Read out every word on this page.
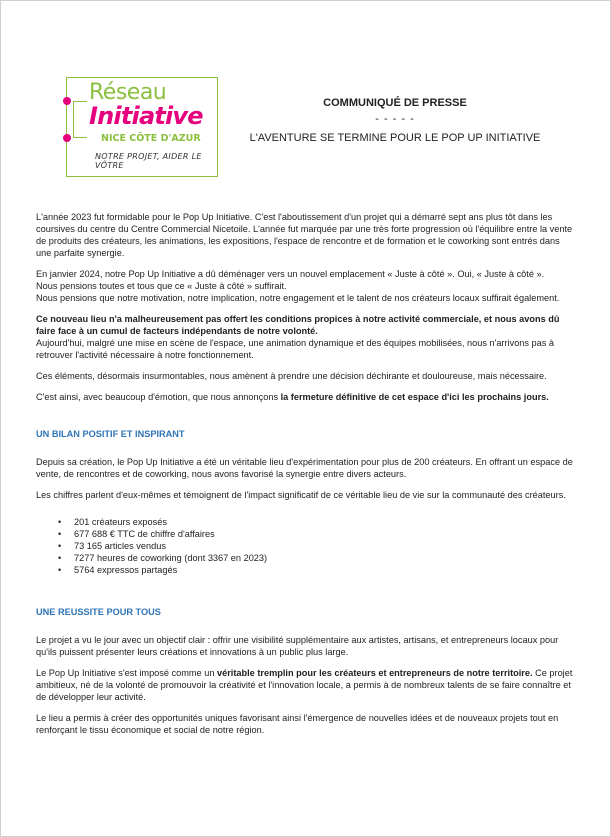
Réseau
Initiative
NICE CÔTE D'AZUR
NOTRE PROJET, AIDER LE VÔTRE
COMMUNIQUÉ DE PRESSE
- - - - -
L'AVENTURE SE TERMINE POUR LE POP UP INITIATIVE

L'année 2023 fut formidable pour le Pop Up Initiative. C'est l'aboutissement d'un projet qui a démarré sept ans plus tôt dans les coursives du centre du Centre Commercial Nicetoile. L'année fut marquée par une très forte progression où l'équilibre entre la vente de produits des créateurs, les animations, les expositions, l'espace de rencontre et de formation et le coworking sont entrés dans une parfaite synergie.

En janvier 2024, notre Pop Up Initiative a dû déménager vers un nouvel emplacement « Juste à côté ». Oui, « Juste à côté ».
Nous pensions toutes et tous que ce « Juste à côté » suffirait.
Nous pensions que notre motivation, notre implication, notre engagement et le talent de nos créateurs locaux suffirait également.

Ce nouveau lieu n'a malheureusement pas offert les conditions propices à notre activité commerciale, et nous avons dû faire face à un cumul de facteurs indépendants de notre volonté.
Aujourd'hui, malgré une mise en scène de l'espace, une animation dynamique et des équipes mobilisées, nous n'arrivons pas à retrouver l'activité nécessaire à notre fonctionnement.

Ces éléments, désormais insurmontables, nous amènent à prendre une décision déchirante et douloureuse, mais nécessaire.

C'est ainsi, avec beaucoup d'émotion, que nous annonçons la fermeture définitive de cet espace d'ici les prochains jours.

UN BILAN POSITIF ET INSPIRANT

Depuis sa création, le Pop Up Initiative a été un véritable lieu d'expérimentation pour plus de 200 créateurs. En offrant un espace de vente, de rencontres et de coworking, nous avons favorisé la synergie entre divers acteurs.

Les chiffres parlent d'eux-mêmes et témoignent de l'impact significatif de ce véritable lieu de vie sur la communauté des créateurs.

• 201 créateurs exposés
• 677 688 € TTC de chiffre d'affaires
• 73 165 articles vendus
• 7277 heures de coworking (dont 3367 en 2023)
• 5764 expressos partagés
UNE REUSSITE POUR TOUS

Le projet a vu le jour avec un objectif clair : offrir une visibilité supplémentaire aux artistes, artisans, et entrepreneurs locaux pour qu'ils puissent présenter leurs créations et innovations à un public plus large.

Le Pop Up Initiative s'est imposé comme un véritable tremplin pour les créateurs et entrepreneurs de notre territoire. Ce projet ambitieux, né de la volonté de promouvoir la créativité et l'innovation locale, a permis à de nombreux talents de se faire connaître et de développer leur activité.

Le lieu a permis à créer des opportunités uniques favorisant ainsi l'émergence de nouvelles idées et de nouveaux projets tout en renforçant le tissu économique et social de notre région.
